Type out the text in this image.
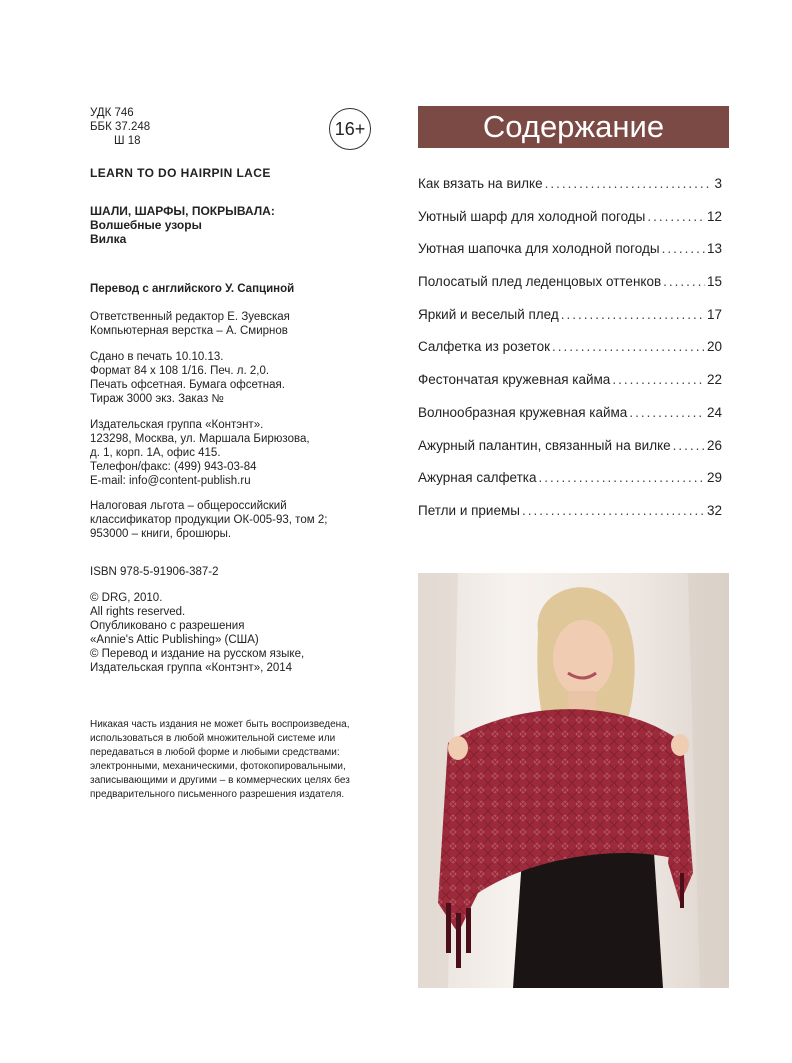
УДК 746
ББК 37.248
Ш 18
16+
LEARN TO DO HAIRPIN LACE
ШАЛИ, ШАРФЫ, ПОКРЫВАЛА:
Волшебные узоры
Вилка
Перевод с английского У. Сапциной
Ответственный редактор Е. Зуевская
Компьютерная верстка – А. Смирнов
Сдано в печать 10.10.13.
Формат 84 х 108 1/16. Печ. л. 2,0.
Печать офсетная. Бумага офсетная.
Тираж 3000 экз. Заказ №
Издательская группа «Контэнт».
123298, Москва, ул. Маршала Бирюзова,
д. 1, корп. 1А, офис 415.
Телефон/факс: (499) 943-03-84
E-mail: info@content-publish.ru
Налоговая льгота – общероссийский
классификатор продукции ОК-005-93, том 2;
953000 – книги, брошюры.
ISBN 978-5-91906-387-2
© DRG, 2010.
All rights reserved.
Опубликовано с разрешения
«Annie's Attic Publishing» (США)
© Перевод и издание на русском языке,
Издательская группа «Контэнт», 2014
Никакая часть издания не может быть воспроизведена,
использоваться в любой множительной системе или
передаваться в любой форме и любыми средствами:
электронными, механическими, фотокопировальными,
записывающими и другими – в коммерческих целях без
предварительного письменного разрешения издателя.
Содержание
Как вязать на вилке .....	3
Уютный шарф для холодной погоды .....	12
Уютная шапочка для холодной погоды .....	13
Полосатый плед леденцовых оттенков .....	15
Яркий и веселый плед .....	17
Салфетка из розеток .....	20
Фестончатая кружевная кайма .....	22
Волнообразная кружевная кайма .....	24
Ажурный палантин, связанный на вилке .....	26
Ажурная салфетка .....	29
Петли и приемы .....	32
